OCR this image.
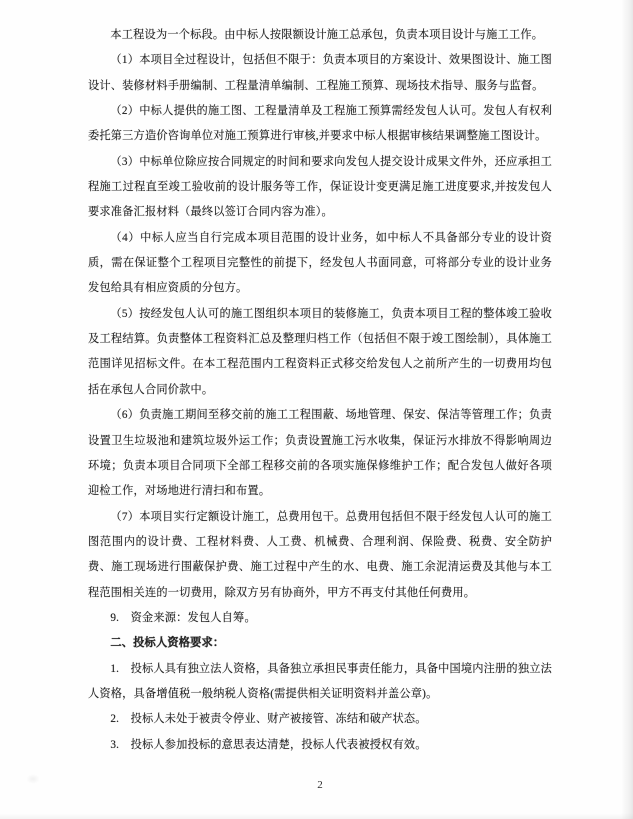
本工程设为一个标段。由中标人按限额设计施工总承包，负责本项目设计与施工工作。

（1）本项目全过程设计，包括但不限于：负责本项目的方案设计、效果图设计、施工图设计、装修材料手册编制、工程量清单编制、工程施工预算、现场技术指导、服务与监督。

（2）中标人提供的施工图、工程量清单及工程施工预算需经发包人认可。发包人有权利委托第三方造价咨询单位对施工预算进行审核,并要求中标人根据审核结果调整施工图设计。

（3）中标单位除应按合同规定的时间和要求向发包人提交设计成果文件外，还应承担工程施工过程直至竣工验收前的设计服务等工作，保证设计变更满足施工进度要求,并按发包人要求准备汇报材料（最终以签订合同内容为准）。

（4）中标人应当自行完成本项目范围的设计业务，如中标人不具备部分专业的设计资质，需在保证整个工程项目完整性的前提下，经发包人书面同意，可将部分专业的设计业务发包给具有相应资质的分包方。

（5）按经发包人认可的施工图组织本项目的装修施工，负责本项目工程的整体竣工验收及工程结算。负责整体工程资料汇总及整理归档工作（包括但不限于竣工图绘制），具体施工范围详见招标文件。在本工程范围内工程资料正式移交给发包人之前所产生的一切费用均包括在承包人合同价款中。

（6）负责施工期间至移交前的施工工程围蔽、场地管理、保安、保洁等管理工作；负责设置卫生垃圾池和建筑垃圾外运工作；负责设置施工污水收集，保证污水排放不得影响周边环境；负责本项目合同项下全部工程移交前的各项实施保修维护工作；配合发包人做好各项迎检工作，对场地进行清扫和布置。

（7）本项目实行定额设计施工，总费用包干。总费用包括但不限于经发包人认可的施工图范围内的设计费、工程材料费、人工费、机械费、合理利润、保险费、税费、安全防护费、施工现场进行围蔽保护费、施工过程中产生的水、电费、施工余泥清运费及其他与本工程范围相关连的一切费用，除双方另有协商外，甲方不再支付其他任何费用。

9.　资金来源：发包人自筹。

二、投标人资格要求：

1.　投标人具有独立法人资格，具备独立承担民事责任能力，具备中国境内注册的独立法人资格，具备增值税一般纳税人资格(需提供相关证明资料并盖公章)。

2.　投标人未处于被责令停业、财产被接管、冻结和破产状态。

3.　投标人参加投标的意思表达清楚，投标人代表被授权有效。

2
